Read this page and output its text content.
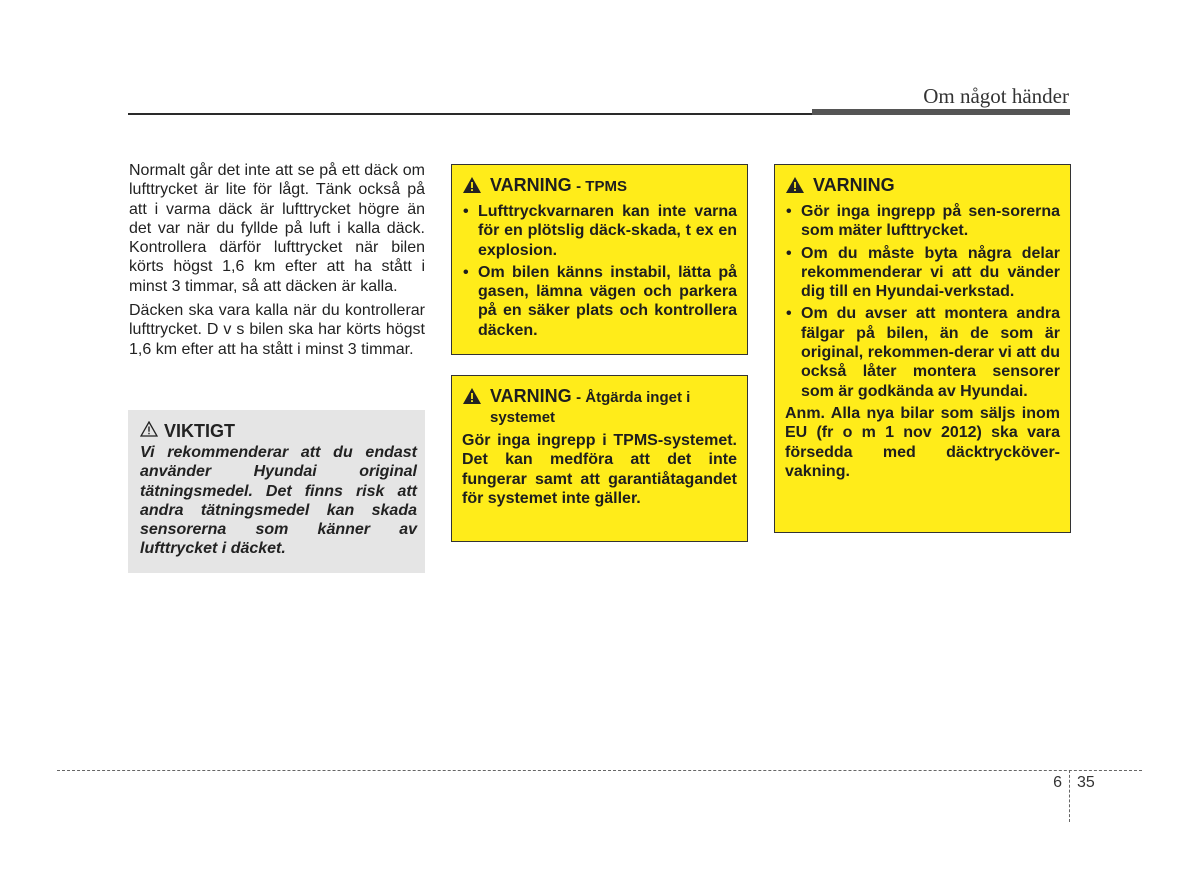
Om något händer

Normalt går det inte att se på ett däck om lufttrycket är lite för lågt. Tänk också på att i varma däck är lufttrycket högre än det var när du fyllde på luft i kalla däck. Kontrollera därför lufttrycket när bilen körts högst 1,6 km efter att ha stått i minst 3 timmar, så att däcken är kalla.

Däcken ska vara kalla när du kontrollerar lufttrycket. D v s bilen ska har körts högst 1,6 km efter att ha stått i minst 3 timmar.

VIKTIGT

Vi rekommenderar att du endast använder Hyundai original tätningsmedel. Det finns risk att andra tätningsmedel kan skada sensorerna som känner av lufttrycket i däcket.

VARNING - TPMS
• Lufttryckvarnaren kan inte varna för en plötslig däck-skada, t ex en explosion.
• Om bilen känns instabil, lätta på gasen, lämna vägen och parkera på en säker plats och kontrollera däcken.
VARNING - Åtgärda inget i systemet

Gör inga ingrepp i TPMS-systemet. Det kan medföra att det inte fungerar samt att garantiåtagandet för systemet inte gäller.

VARNING
• Gör inga ingrepp på sen-sorerna som mäter lufttrycket.
• Om du måste byta några delar rekommenderar vi att du vänder dig till en Hyundai-verkstad.
• Om du avser att montera andra fälgar på bilen, än de som är original, rekommen-derar vi att du också låter montera sensorer som är godkända av Hyundai.

Anm. Alla nya bilar som säljs inom EU (fr o m 1 nov 2012) ska vara försedda med däcktryckövervakning.

6 35
